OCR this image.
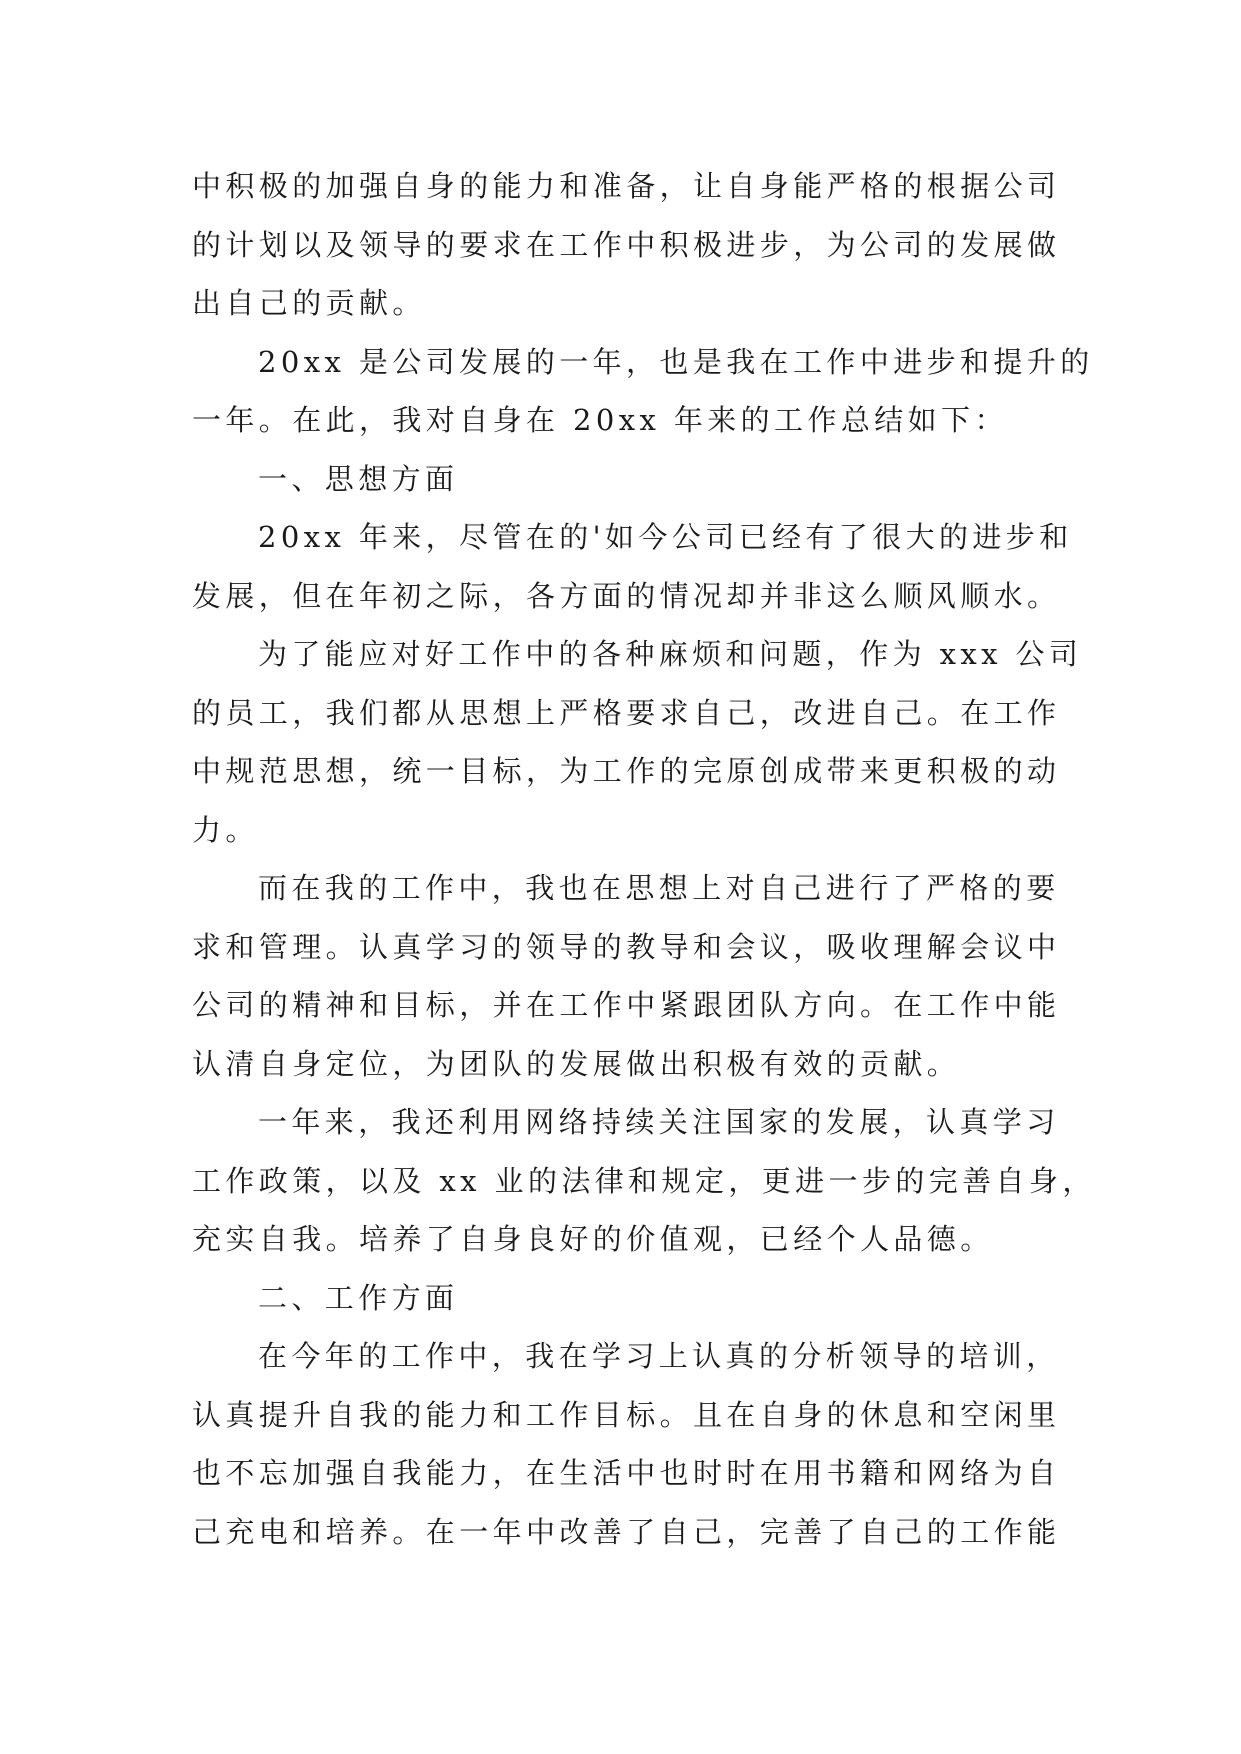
中积极的加强自身的能力和准备，让自身能严格的根据公司
的计划以及领导的要求在工作中积极进步，为公司的发展做
出自己的贡献。
20xx 是公司发展的一年，也是我在工作中进步和提升的
一年。在此，我对自身在 20xx 年来的工作总结如下：
一、思想方面
20xx 年来，尽管在的'如今公司已经有了很大的进步和
发展，但在年初之际，各方面的情况却并非这么顺风顺水。
为了能应对好工作中的各种麻烦和问题，作为 xxx 公司
的员工，我们都从思想上严格要求自己，改进自己。在工作
中规范思想，统一目标，为工作的完原创成带来更积极的动
力。
而在我的工作中，我也在思想上对自己进行了严格的要
求和管理。认真学习的领导的教导和会议，吸收理解会议中
公司的精神和目标，并在工作中紧跟团队方向。在工作中能
认清自身定位，为团队的发展做出积极有效的贡献。
一年来，我还利用网络持续关注国家的发展，认真学习
工作政策，以及 xx 业的法律和规定，更进一步的完善自身，
充实自我。培养了自身良好的价值观，已经个人品德。
二、工作方面
在今年的工作中，我在学习上认真的分析领导的培训，
认真提升自我的能力和工作目标。且在自身的休息和空闲里
也不忘加强自我能力，在生活中也时时在用书籍和网络为自
己充电和培养。在一年中改善了自己，完善了自己的工作能
